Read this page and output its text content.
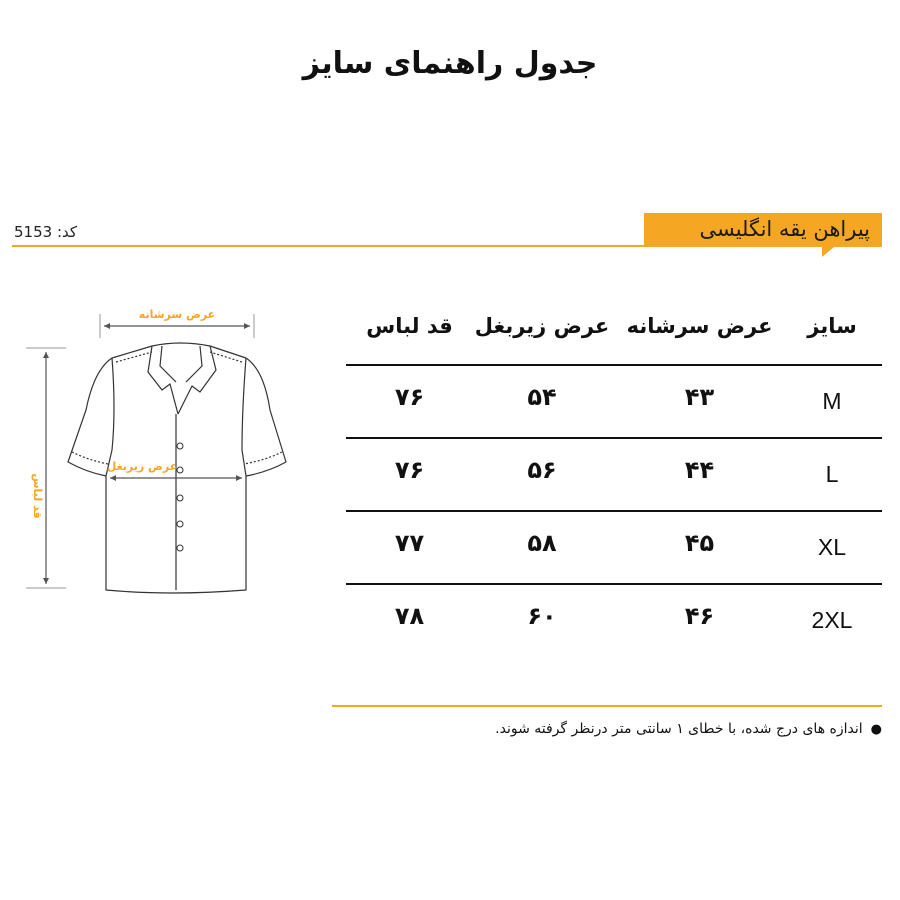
جدول راهنمای سایز
پیراهن یقه انگلیسی
کد: 5153
عرض سرشانه
قد لباس
عرض زیربغل
سایز
عرض سرشانه
عرض زیربغل
قد لباس
M
۴۳
۵۴
۷۶
L
۴۴
۵۶
۷۶
XL
۴۵
۵۸
۷۷
2XL
۴۶
۶۰
۷۸
●اندازه های درج شده، با خطای ۱ سانتی متر درنظر گرفته شوند.
